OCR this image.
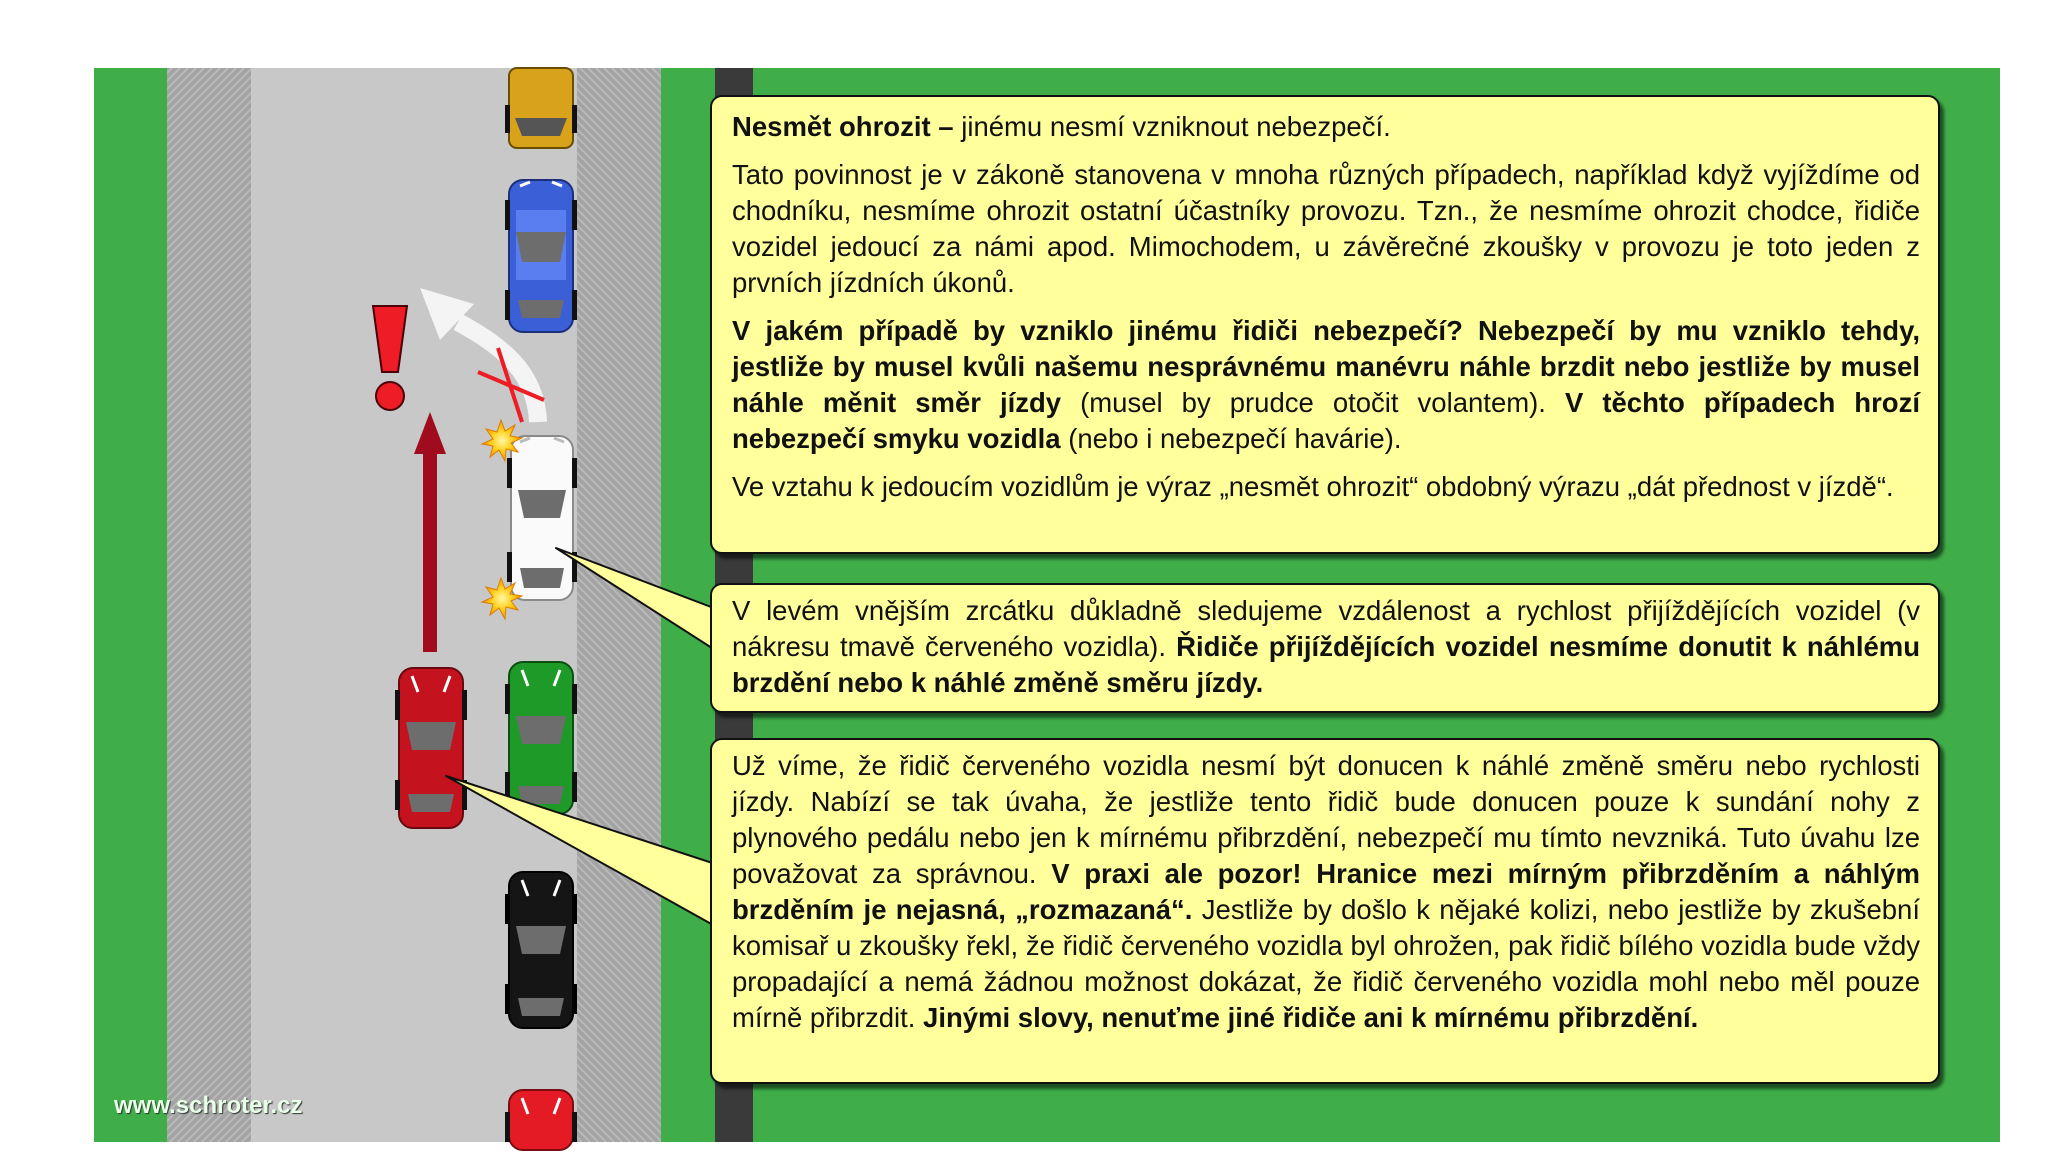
Nesmět ohrozit – jinému nesmí vzniknout nebezpečí.

Tato povinnost je v zákoně stanovena v mnoha různých případech, například když vyjíždíme od chodníku, nesmíme ohrozit ostatní účastníky provozu. Tzn., že nesmíme ohrozit chodce, řidiče vozidel jedoucí za námi apod. Mimochodem, u závěrečné zkoušky v provozu je toto jeden z prvních jízdních úkonů.

V jakém případě by vzniklo jinému řidiči nebezpečí? Nebezpečí by mu vzniklo tehdy, jestliže by musel kvůli našemu nesprávnému manévru náhle brzdit nebo jestliže by musel náhle měnit směr jízdy (musel by prudce otočit volantem). V těchto případech hrozí nebezpečí smyku vozidla (nebo i nebezpečí havárie).

Ve vztahu k jedoucím vozidlům je výraz „nesmět ohrozit“ obdobný výrazu „dát přednost v jízdě“.

V levém vnějším zrcátku důkladně sledujeme vzdálenost a rychlost přijíždějících vozidel (v nákresu tmavě červeného vozidla). Řidiče přijíždějících vozidel nesmíme donutit k náhlému brzdění nebo k náhlé změně směru jízdy.

Už víme, že řidič červeného vozidla nesmí být donucen k náhlé změně směru nebo rychlosti jízdy. Nabízí se tak úvaha, že jestliže tento řidič bude donucen pouze k sundání nohy z plynového pedálu nebo jen k mírnému přibrzdění, nebezpečí mu tímto nevzniká. Tuto úvahu lze považovat za správnou. V praxi ale pozor! Hranice mezi mírným přibrzděním a náhlým brzděním je nejasná, „rozmazaná“. Jestliže by došlo k nějaké kolizi, nebo jestliže by zkušební komisař u zkoušky řekl, že řidič červeného vozidla byl ohrožen, pak řidič bílého vozidla bude vždy propadající a nemá žádnou možnost dokázat, že řidič červeného vozidla mohl nebo měl pouze mírně přibrzdit. Jinými slovy, nenuťme jiné řidiče ani k mírnému přibrzdění.

www.schroter.cz
